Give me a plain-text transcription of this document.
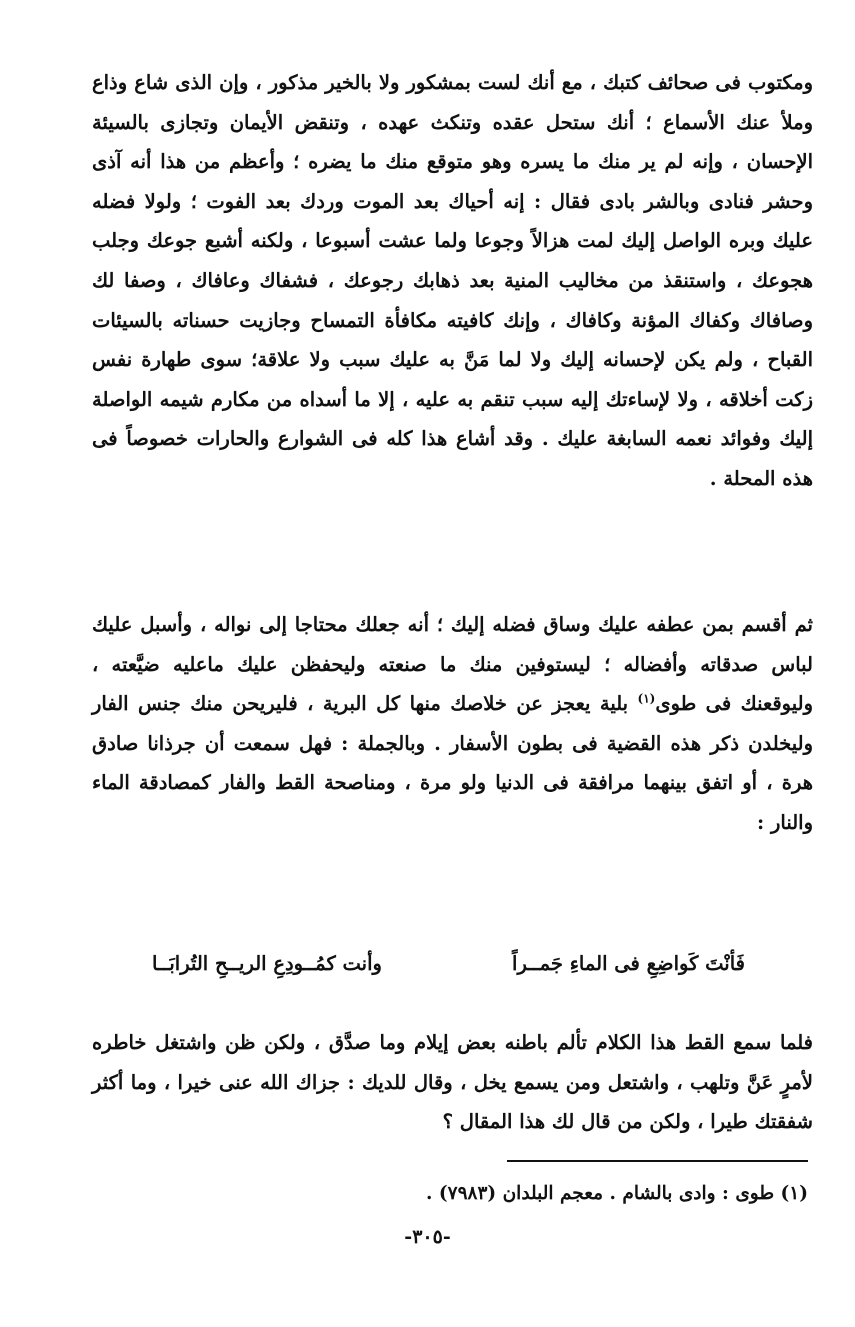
ومكتوب فى صحائف كتبك ، مع أنك لست بمشكور ولا بالخير مذكور ، وإن الذى شاع وذاع وملأ عنك الأسماع ؛ أنك ستحل عقده وتنكث عهده ، وتنقض الأيمان وتجازى بالسيئة الإحسان ، وإنه لم ير منك ما يسره وهو متوقع منك ما يضره ؛ وأعظم من هذا أنه آذى وحشر فنادى وبالشر بادى فقال : إنه أحياك بعد الموت وردك بعد الفوت ؛ ولولا فضله عليك وبره الواصل إليك لمت هزالاً وجوعا ولما عشت أسبوعا ، ولكنه أشبع جوعك وجلب هجوعك ، واستنقذ من مخاليب المنية بعد ذهابك رجوعك ، فشفاك وعافاك ، وصفا لك وصافاك وكفاك المؤنة وكافاك ، وإنك كافيته مكافأة التمساح وجازيت حسناته بالسيئات القباح ، ولم يكن لإحسانه إليك ولا لما مَنَّ به عليك سبب ولا علاقة؛ سوى طهارة نفس زكت أخلاقه ، ولا لإساءتك إليه سبب تنقم به عليه ، إلا ما أسداه من مكارم شيمه الواصلة إليك وفوائد نعمه السابغة عليك . وقد أشاع هذا كله فى الشوارع والحارات خصوصاً فى هذه المحلة .

ثم أقسم بمن عطفه عليك وساق فضله إليك ؛ أنه جعلك محتاجا إلى نواله ، وأسبل عليك لباس صدقاته وأفضاله ؛ ليستوفين منك ما صنعته وليحفظن عليك ماعليه ضيَّعته ، وليوقعنك فى طوى$^{(١)}$ بلية يعجز عن خلاصك منها كل البرية ، فليريحن منك جنس الفار وليخلدن ذكر هذه القضية فى بطون الأسفار . وبالجملة : فهل سمعت أن جرذانا صادق هرة ، أو اتفق بينهما مرافقة فى الدنيا ولو مرة ، ومناصحة القط والفار كمصادقة الماء والنار :

فَأنْتَ كَواضِعِ فى الماءِ جَمــراً
وأنت كمُــودِعِ الريــحِ التُرابَــا

فلما سمع القط هذا الكلام تألم باطنه بعض إيلام وما صدَّق ، ولكن ظن واشتغل خاطره لأمرٍ عَنَّ وتلهب ، واشتعل ومن يسمع يخل ، وقال للديك : جزاك الله عنى خيرا ، وما أكثر شفقتك طيرا ، ولكن من قال لك هذا المقال ؟

(١) طوى : وادى بالشام . معجم البلدان (٧٩٨٣) .
-٣٠٥-
